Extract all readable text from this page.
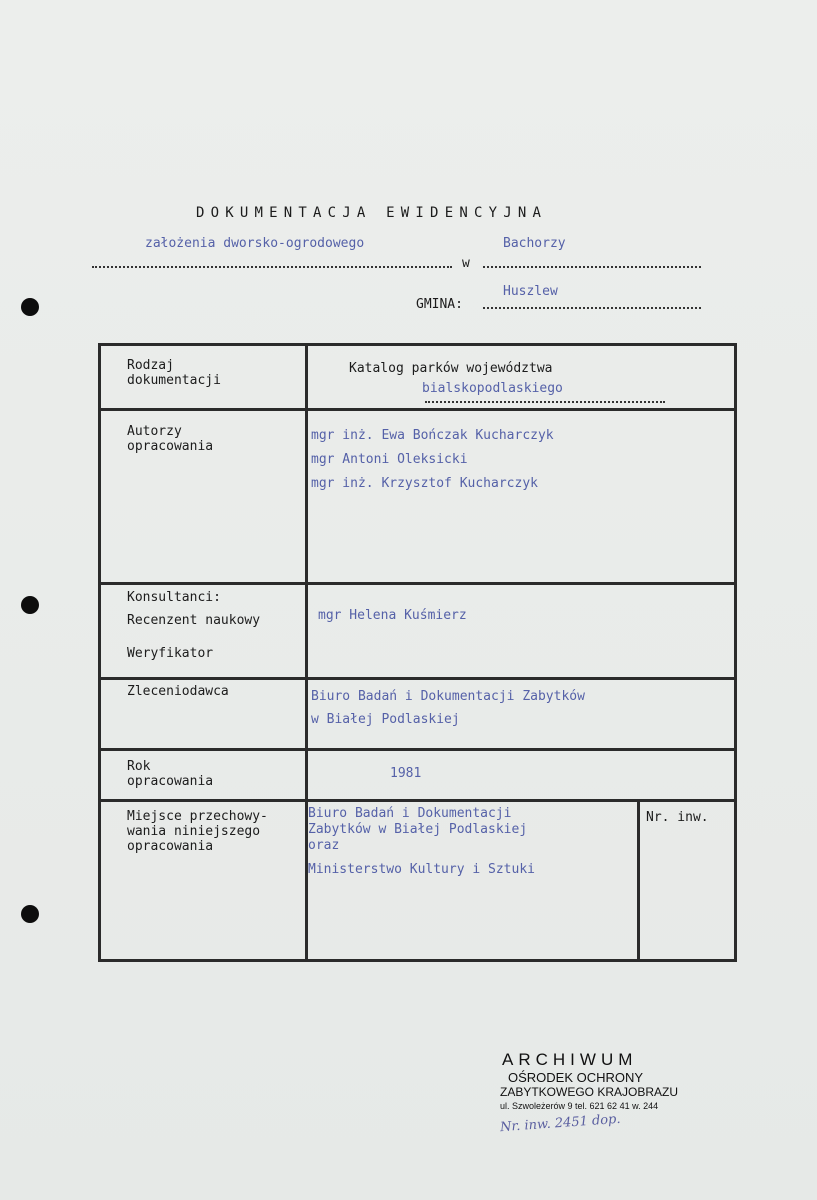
DOKUMENTACJA EWIDENCYJNA
założenia dworsko-ogrodowego	Bachorzy
w
Huszlew
GMINA:
Rodzaj
dokumentacji
Katalog parków województwa
bialskopodlaskiego
Autorzy
opracowania
mgr inż. Ewa Bończak Kucharczyk
mgr Antoni Oleksicki
mgr inż. Krzysztof Kucharczyk
Konsultanci:
Recenzent naukowy
Weryfikator
mgr Helena Kuśmierz
Zleceniodawca	Biuro Badań i Dokumentacji Zabytków
w Białej Podlaskiej
Rok
opracowania
1981
Miejsce przechowy-
wania niniejszego
opracowania
Biuro Badań i Dokumentacji
Zabytków w Białej Podlaskiej
oraz
Ministerstwo Kultury i Sztuki
Nr. inw.
ARCHIWUM
OŚRODEK OCHRONY
ZABYTKOWEGO KRAJOBRAZU
ul. Szwoleżerów 9 tel. 621 62 41 w. 244
Nr. inw. 2451 dop.
